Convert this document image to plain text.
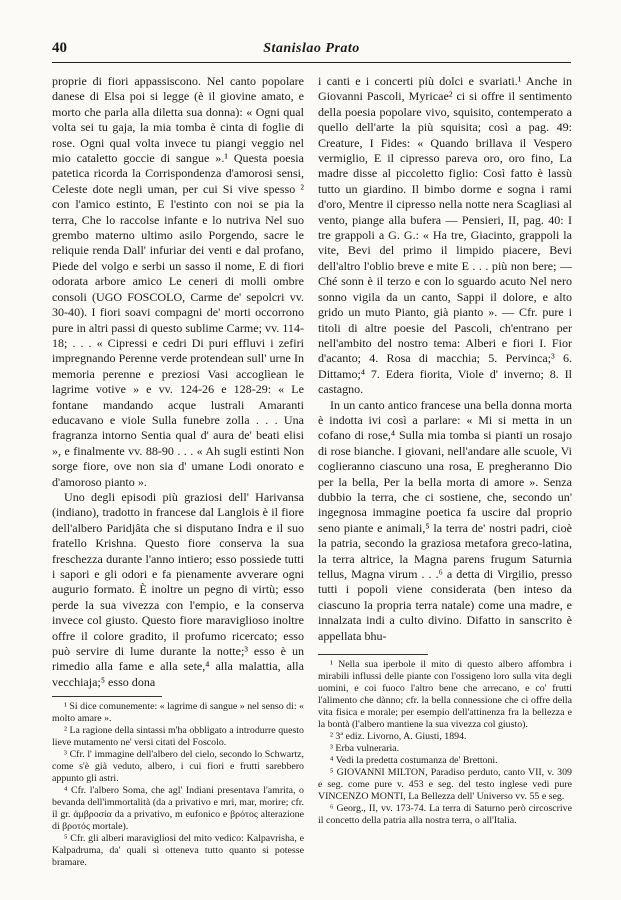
40	Stanislao Prato

proprie di fiori appassiscono. Nel canto popolare danese di Elsa poi si legge (è il giovine amato, e morto che parla alla diletta sua donna): « Ogni qual volta sei tu gaja, la mia tomba è cinta di foglie di rose. Ogni qual volta invece tu piangi veggio nel mio cataletto goccie di sangue ».¹ Questa poesia patetica ricorda la Corrispondenza d'amorosi sensi, Celeste dote negli uman, per cui Si vive spesso ² con l'amico estinto, E l'estinto con noi se pia la terra, Che lo raccolse infante e lo nutriva Nel suo grembo materno ultimo asilo Porgendo, sacre le reliquie renda Dall' infuriar dei venti e dal profano, Piede del volgo e serbi un sasso il nome, E di fiori odorata arbore amico Le ceneri di molli ombre consoli (UGO FOSCOLO, Carme de' sepolcri vv. 30-40). I fiori soavi compagni de' morti occorrono pure in altri passi di questo sublime Carme; vv. 114-18; . . . « Cipressi e cedri Di puri effluvi i zefiri impregnando Perenne verde protendean sull' urne In memoria perenne e preziosi Vasi accoglìean le lagrime votive » e vv. 124-26 e 128-29: « Le fontane mandando acque lustrali Amaranti educavano e viole Sulla funebre zolla . . . Una fragranza intorno Sentia qual d' aura de' beati elisi », e finalmente vv. 88-90 . . . « Ah sugli estinti Non sorge fiore, ove non sia d' umane Lodi onorato e d'amoroso pianto ».

Uno degli episodi più graziosi dell' Harivansa (indiano), tradotto in francese dal Langlois è il fiore dell'albero Paridjâta che si disputano Indra e il suo fratello Krishna. Questo fiore conserva la sua freschezza durante l'anno intiero; esso possiede tutti i sapori e gli odori e fa pienamente avverare ogni augurio formato. È inoltre un pegno di virtù; esso perde la sua vivezza con l'empio, e la conserva invece col giusto. Questo fiore maraviglioso inoltre offre il colore gradito, il profumo ricercato; esso può servire di lume durante la notte;³ esso è un rimedio alla fame e alla sete,⁴ alla malattia, alla vecchiaja;⁵ esso dona

¹ Si dice comunemente: « lagrime di sangue » nel senso di: « molto amare ».

² La ragione della sintassi m'ha obbligato a introdurre questo lieve mutamento ne' versi citati del Foscolo.

³ Cfr. l' immagine dell'albero del cielo, secondo lo Schwartz, come s'è già veduto, albero, i cui fiori e frutti sarebbero appunto gli astri.

⁴ Cfr. l'albero Soma, che agl' Indiani presentava l'amrita, o bevanda dell'immortalità (da a privativo e mri, mar, morire; cfr. il gr. ἀμβροσία da a privativo, m eufonico e βρότος alterazione di βροτός mortale).

⁵ Cfr. gli alberi maravigliosi del mito vedico: Kalpavrisha, e Kalpadruma, da' quali si otteneva tutto quanto si potesse bramare.

i canti e i concerti più dolci e svariati.¹ Anche in Giovanni Pascoli, Myricae² ci si offre il sentimento della poesia popolare vivo, squisito, contemperato a quello dell'arte la più squisita; così a pag. 49: Creature, I Fides: « Quando brillava il Vespero vermiglio, E il cipresso pareva oro, oro fino, La madre disse al piccoletto figlio: Così fatto è lassù tutto un giardino. Il bimbo dorme e sogna i rami d'oro, Mentre il cipresso nella notte nera Scagliasi al vento, piange alla bufera — Pensieri, II, pag. 40: I tre grappoli a G. G.: « Ha tre, Giacinto, grappoli la vite, Bevi del primo il limpido piacere, Bevi dell'altro l'oblio breve e mite E . . . più non bere; — Ché sonn è il terzo e con lo sguardo acuto Nel nero sonno vigila da un canto, Sappi il dolore, e alto grido un muto Pianto, già pianto ». — Cfr. pure i titoli di altre poesie del Pascoli, ch'entrano per nell'ambito del nostro tema: Alberi e fiori I. Fior d'acanto; 4. Rosa di macchia; 5. Pervinca;³ 6. Dittamo;⁴ 7. Edera fiorita, Viole d' inverno; 8. Il castagno.

In un canto antico francese una bella donna morta è indotta ivi così a parlare: « Mi si metta in un cofano di rose,⁴ Sulla mia tomba si pianti un rosajo di rose bianche. I giovani, nell'andare alle scuole, Vi coglieranno ciascuno una rosa, E pregheranno Dio per la bella, Per la bella morta di amore ». Senza dubbio la terra, che ci sostiene, che, secondo un' ingegnosa immagine poetica fa uscire dal proprio seno piante e animali,⁵ la terra de' nostri padri, cioè la patria, secondo la graziosa metafora greco-latina, la terra altrice, la Magna parens frugum Saturnia tellus, Magna virum . . .⁶ a detta di Virgilio, presso tutti i popoli viene considerata (ben inteso da ciascuno la propria terra natale) come una madre, e innalzata indi a culto divino. Difatto in sanscrito è appellata bhu-

¹ Nella sua iperbole il mito di questo albero affombra i mirabili influssi delle piante con l'ossigeno loro sulla vita degli uomini, e coi fuoco l'altro bene che arrecano, e co' frutti l'alimento che dànno; cfr. la bella connessione che ci offre della vita fisica e morale; per esempio dell'attinenza fra la bellezza e la bontà (l'albero mantiene la sua vivezza col giusto).

² 3ª ediz. Livorno, A. Giusti, 1894.

³ Erba vulneraria.

⁴ Vedi la predetta costumanza de' Brettoni.

⁵ GIOVANNI MILTON, Paradiso perduto, canto VII, v. 309 e seg. come pure v. 453 e seg. del testo inglese vedi pure VINCENZO MONTI, La Bellezza dell' Universo vv. 55 e seg.

⁶ Georg., II, vv. 173-74. La terra di Saturno però circoscrive il concetto della patria alla nostra terra, o all'Italia.
